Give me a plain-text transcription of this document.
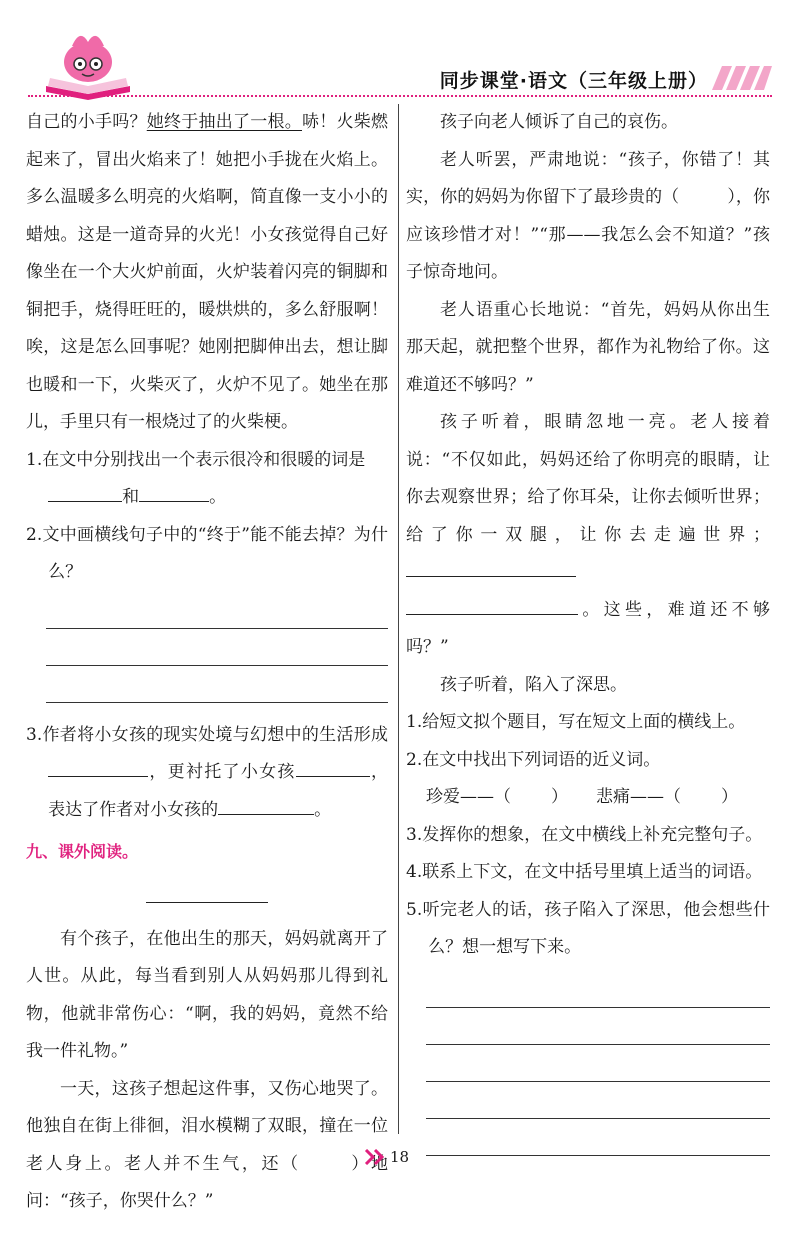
同步课堂·语文（三年级上册）

自己的小手吗？她终于抽出了一根。哧！火柴燃起来了，冒出火焰来了！她把小手拢在火焰上。多么温暖多么明亮的火焰啊，简直像一支小小的蜡烛。这是一道奇异的火光！小女孩觉得自己好像坐在一个大火炉前面，火炉装着闪亮的铜脚和铜把手，烧得旺旺的，暖烘烘的，多么舒服啊！唉，这是怎么回事呢？她刚把脚伸出去，想让脚也暖和一下，火柴灭了，火炉不见了。她坐在那儿，手里只有一根烧过了的火柴梗。

1.在文中分别找出一个表示很冷和很暖的词是
和	。

2.文中画横线句子中的“终于”能不能去掉？为什么？

3.作者将小女孩的现实处境与幻想中的生活形成，更衬托了小女孩	，表达了作者对小女孩的	。

九、课外阅读。

有个孩子，在他出生的那天，妈妈就离开了人世。从此，每当看到别人从妈妈那儿得到礼物，他就非常伤心：“啊，我的妈妈，竟然不给我一件礼物。”

一天，这孩子想起这件事，又伤心地哭了。他独自在街上徘徊，泪水模糊了双眼，撞在一位老人身上。老人并不生气，还（	）地问：“孩子，你哭什么？”

孩子向老人倾诉了自己的哀伤。

老人听罢，严肃地说：“孩子，你错了！其实，你的妈妈为你留下了最珍贵的（	），你应该珍惜才对！”“那——我怎么会不知道？”孩子惊奇地问。

老人语重心长地说：“首先，妈妈从你出生那天起，就把整个世界，都作为礼物给了你。这难道还不够吗？”

孩子听着，眼睛忽地一亮。老人接着说：“不仅如此，妈妈还给了你明亮的眼睛，让你去观察世界；给了你耳朵，让你去倾听世界；给了你一双腿，让你去走遍世界；
。这些，难道还不够吗？”

孩子听着，陷入了深思。

1.给短文拟个题目，写在短文上面的横线上。

2.在文中找出下列词语的近义词。

珍爱——（ ） 悲痛——（ ）

3.发挥你的想象，在文中横线上补充完整句子。

4.联系上下文，在文中括号里填上适当的词语。

5.听完老人的话，孩子陷入了深思，他会想些什么？想一想写下来。

18
